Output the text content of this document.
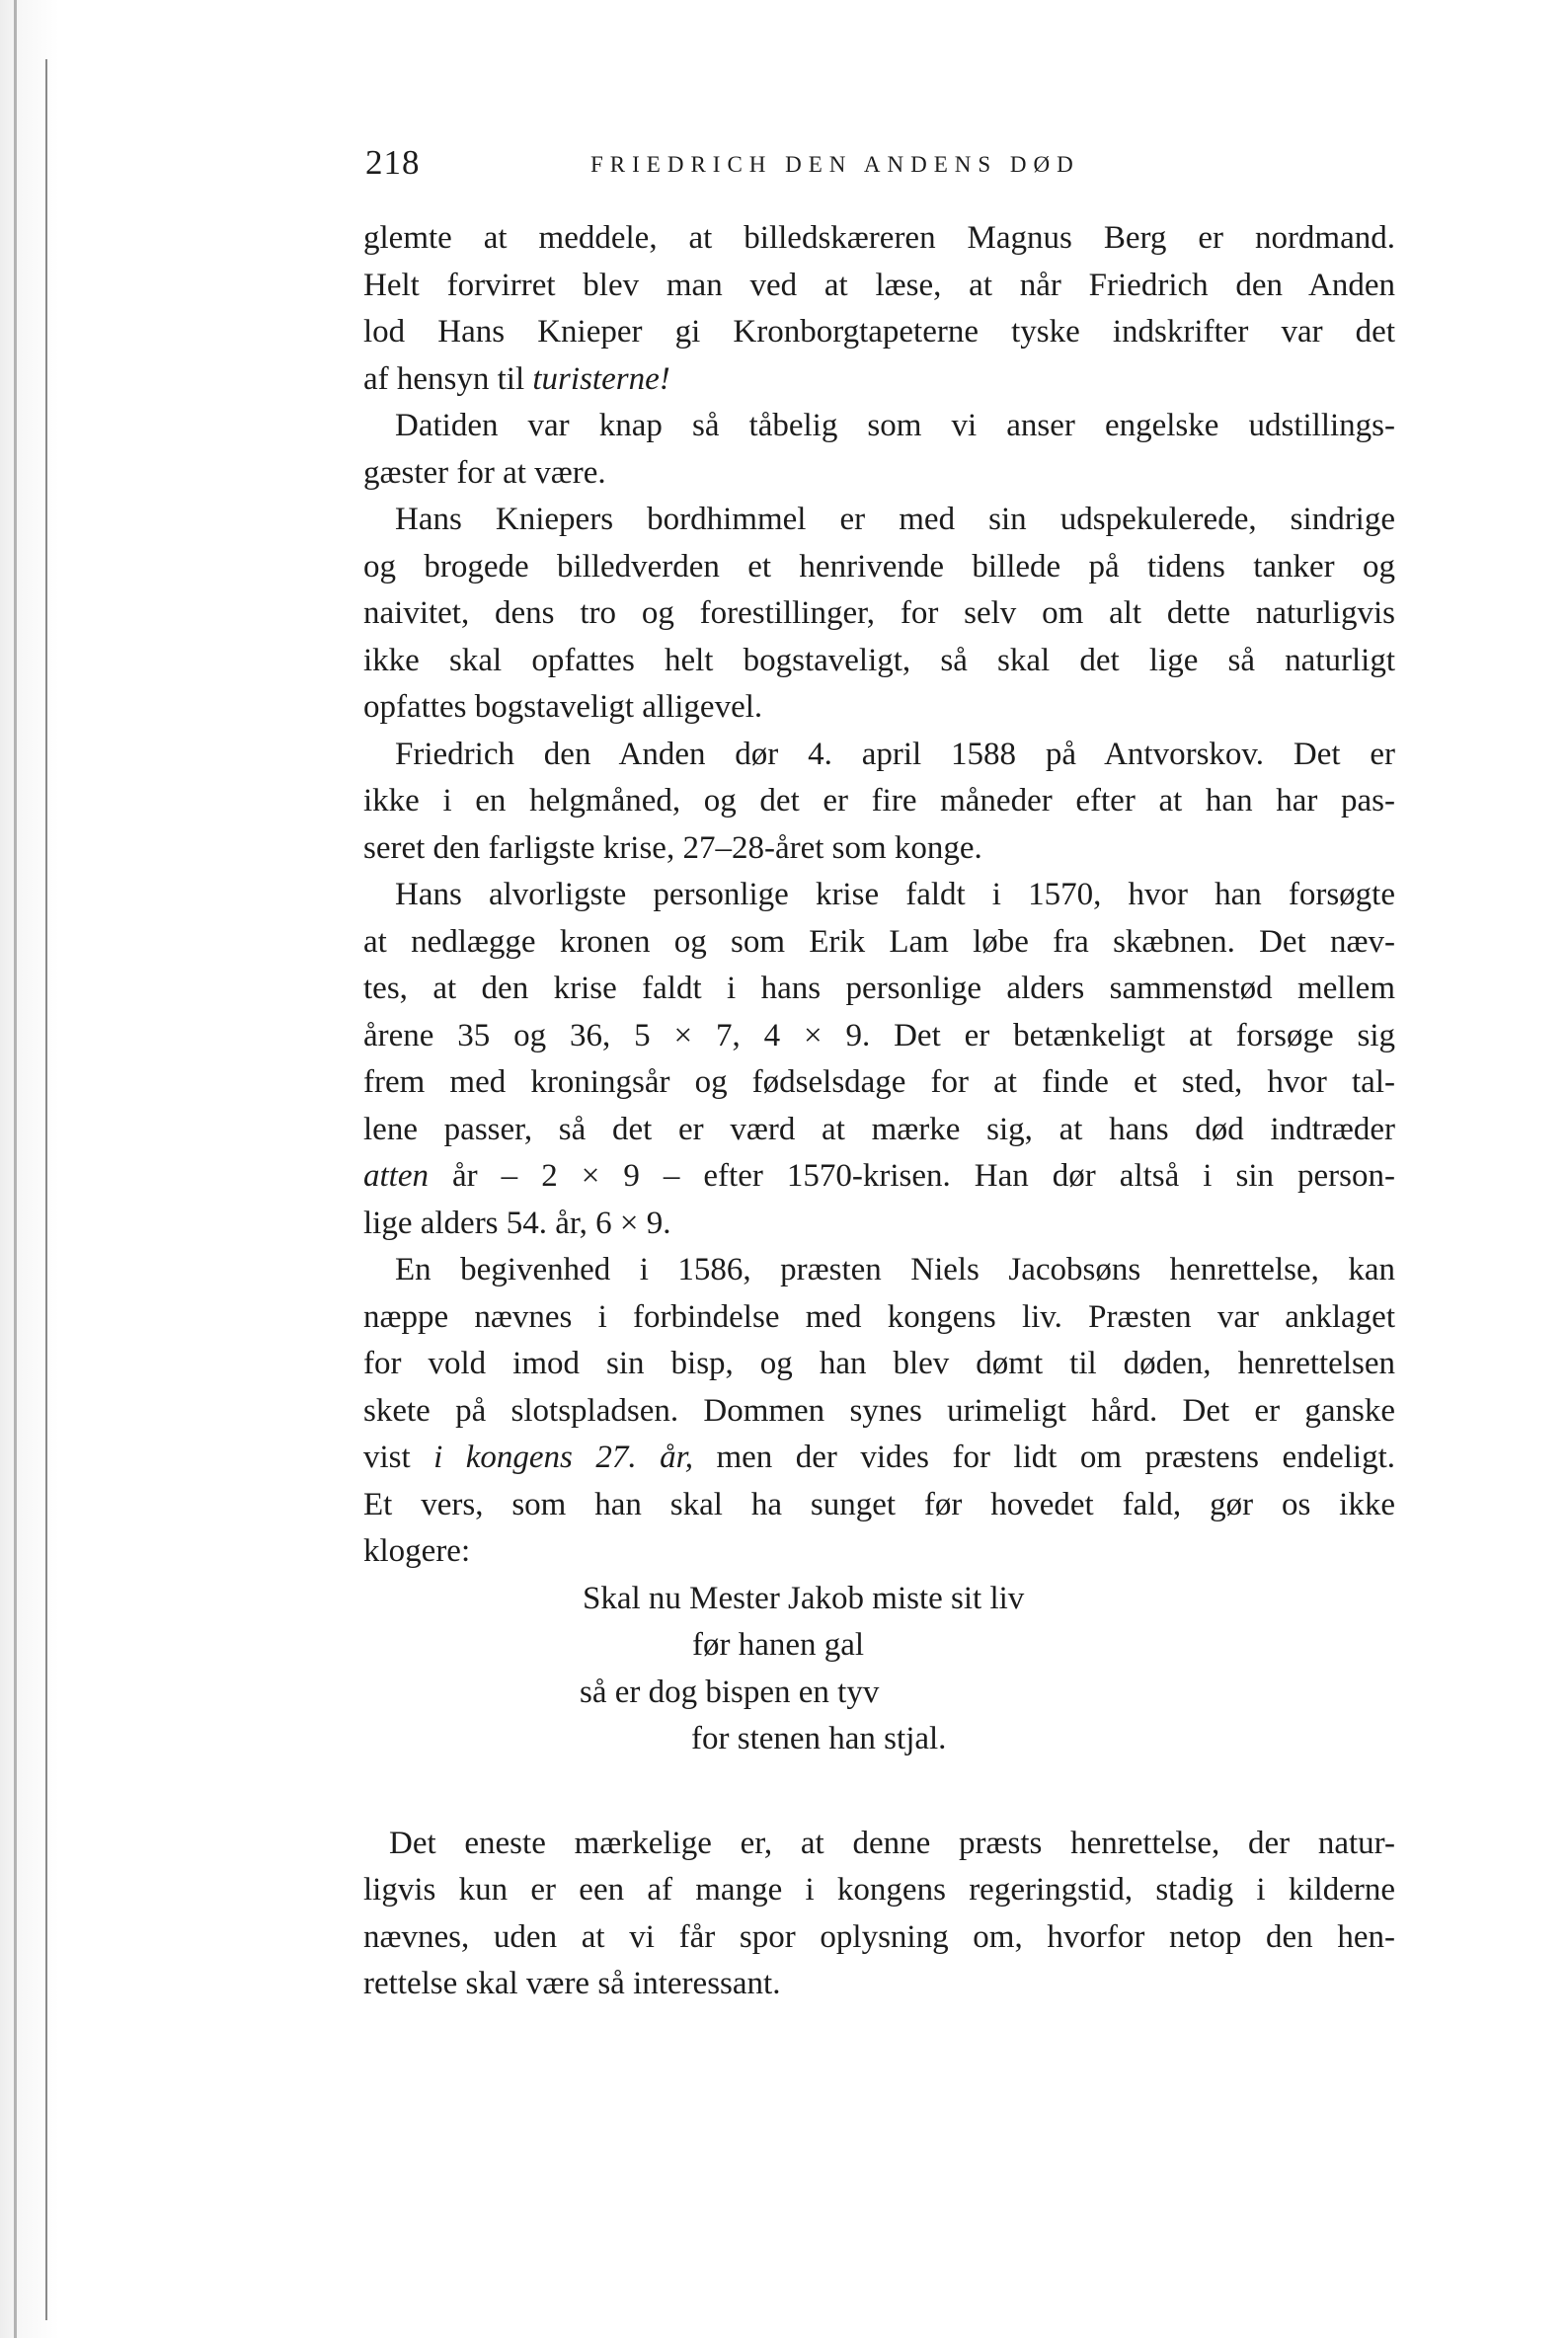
218	FRIEDRICH DEN ANDENS DØD
glemte at meddele, at billedskæreren Magnus Berg er nordmand.
Helt forvirret blev man ved at læse, at når Friedrich den Anden
lod Hans Knieper gi Kronborgtapeterne tyske indskrifter var det
af hensyn til turisterne!
Datiden var knap så tåbelig som vi anser engelske udstillings-
gæster for at være.
Hans Kniepers bordhimmel er med sin udspekulerede, sindrige
og brogede billedverden et henrivende billede på tidens tanker og
naivitet, dens tro og forestillinger, for selv om alt dette naturligvis
ikke skal opfattes helt bogstaveligt, så skal det lige så naturligt
opfattes bogstaveligt alligevel.
Friedrich den Anden dør 4. april 1588 på Antvorskov. Det er
ikke i en helgmåned, og det er fire måneder efter at han har pas-
seret den farligste krise, 27–28-året som konge.
Hans alvorligste personlige krise faldt i 1570, hvor han forsøgte
at nedlægge kronen og som Erik Lam løbe fra skæbnen. Det næv-
tes, at den krise faldt i hans personlige alders sammenstød mellem
årene 35 og 36, 5 × 7, 4 × 9. Det er betænkeligt at forsøge sig
frem med kroningsår og fødselsdage for at finde et sted, hvor tal-
lene passer, så det er værd at mærke sig, at hans død indtræder
atten år – 2 × 9 – efter 1570-krisen. Han dør altså i sin person-
lige alders 54. år, 6 × 9.
En begivenhed i 1586, præsten Niels Jacobsøns henrettelse, kan
næppe nævnes i forbindelse med kongens liv. Præsten var anklaget
for vold imod sin bisp, og han blev dømt til døden, henrettelsen
skete på slotspladsen. Dommen synes urimeligt hård. Det er ganske
vist i kongens 27. år, men der vides for lidt om præstens endeligt.
Et vers, som han skal ha sunget før hovedet fald, gør os ikke
klogere:
Skal nu Mester Jakob miste sit liv
før hanen gal
så er dog bispen en tyv
for stenen han stjal.
Det eneste mærkelige er, at denne præsts henrettelse, der natur-
ligvis kun er een af mange i kongens regeringstid, stadig i kilderne
nævnes, uden at vi får spor oplysning om, hvorfor netop den hen-
rettelse skal være så interessant.
